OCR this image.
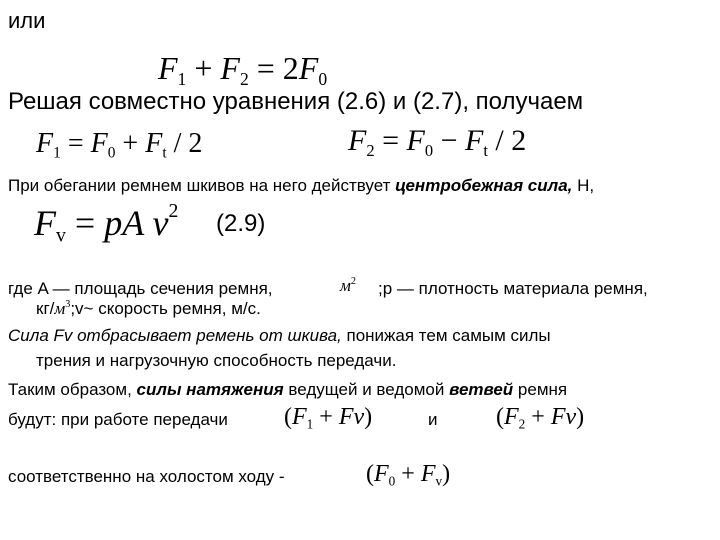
или
$F_1 + F_2 = 2F_0$
Решая совместно уравнения (2.6) и (2.7), получаем
$F_1 = F_0 + F_t / 2$	$F_2 = F_0 - F_t / 2$
При обегании ремнем шкивов на него действует центробежная сила, Н,
$F_v$ = pA $v^2$ (2.9)
где A — площадь сечения ремня,	$м^2$ ;p — плотность материала ремня,
$кг/м^3;v\sim$ скорость ремня, м/с.
Сила Fv отбрасывает ремень от шкива, понижая тем самым силы
трения и нагрузочную способность передачи.
Таким образом, силы натяжения ведущей и ведомой ветвей ремня
будут: при работе передачи $(F_1 + Fv)$	и $(F_2 + Fv)$
соответственно на холостом ходу -	$(F_0 + F_v)$
